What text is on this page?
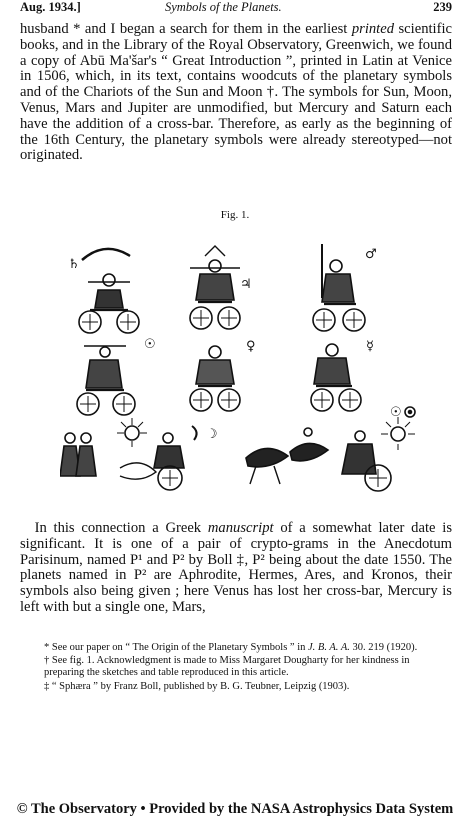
Aug. 1934.]	Symbols of the Planets.	239
husband * and I began a search for them in the earliest printed scientific books, and in the Library of the Royal Observatory, Greenwich, we found a copy of Abū Ma'šar's “ Great Introduction ”, printed in Latin at Venice in 1506, which, in its text, contains woodcuts of the planetary symbols and of the Chariots of the Sun and Moon †. The symbols for Sun, Moon, Venus, Mars and Jupiter are unmodified, but Mercury and Saturn each have the addition of a cross-bar. Therefore, as early as the beginning of the 16th Century, the planetary symbols were already stereotyped—not originated.
Fig. 1.
♄
♃
♂
☉	♀	☿
☽
☉
 In this connection a Greek manuscript of a somewhat later date is significant. It is one of a pair of crypto-grams in the Anecdotum Parisinum, named P¹ and P² by Boll ‡, P² being about the date 1550. The planets named in P² are Aphrodite, Hermes, Ares, and Kronos, their symbols also being given ; here Venus has lost her cross-bar, Mercury is left with but a single one, Mars,
* See our paper on “ The Origin of the Planetary Symbols ” in J. B. A. A. 30. 219 (1920).
† See fig. 1. Acknowledgment is made to Miss Margaret Dougharty for her kindness in preparing the sketches and table reproduced in this article.
‡ “ Sphæra ” by Franz Boll, published by B. G. Teubner, Leipzig (1903).
© The Observatory • Provided by the NASA Astrophysics Data System
